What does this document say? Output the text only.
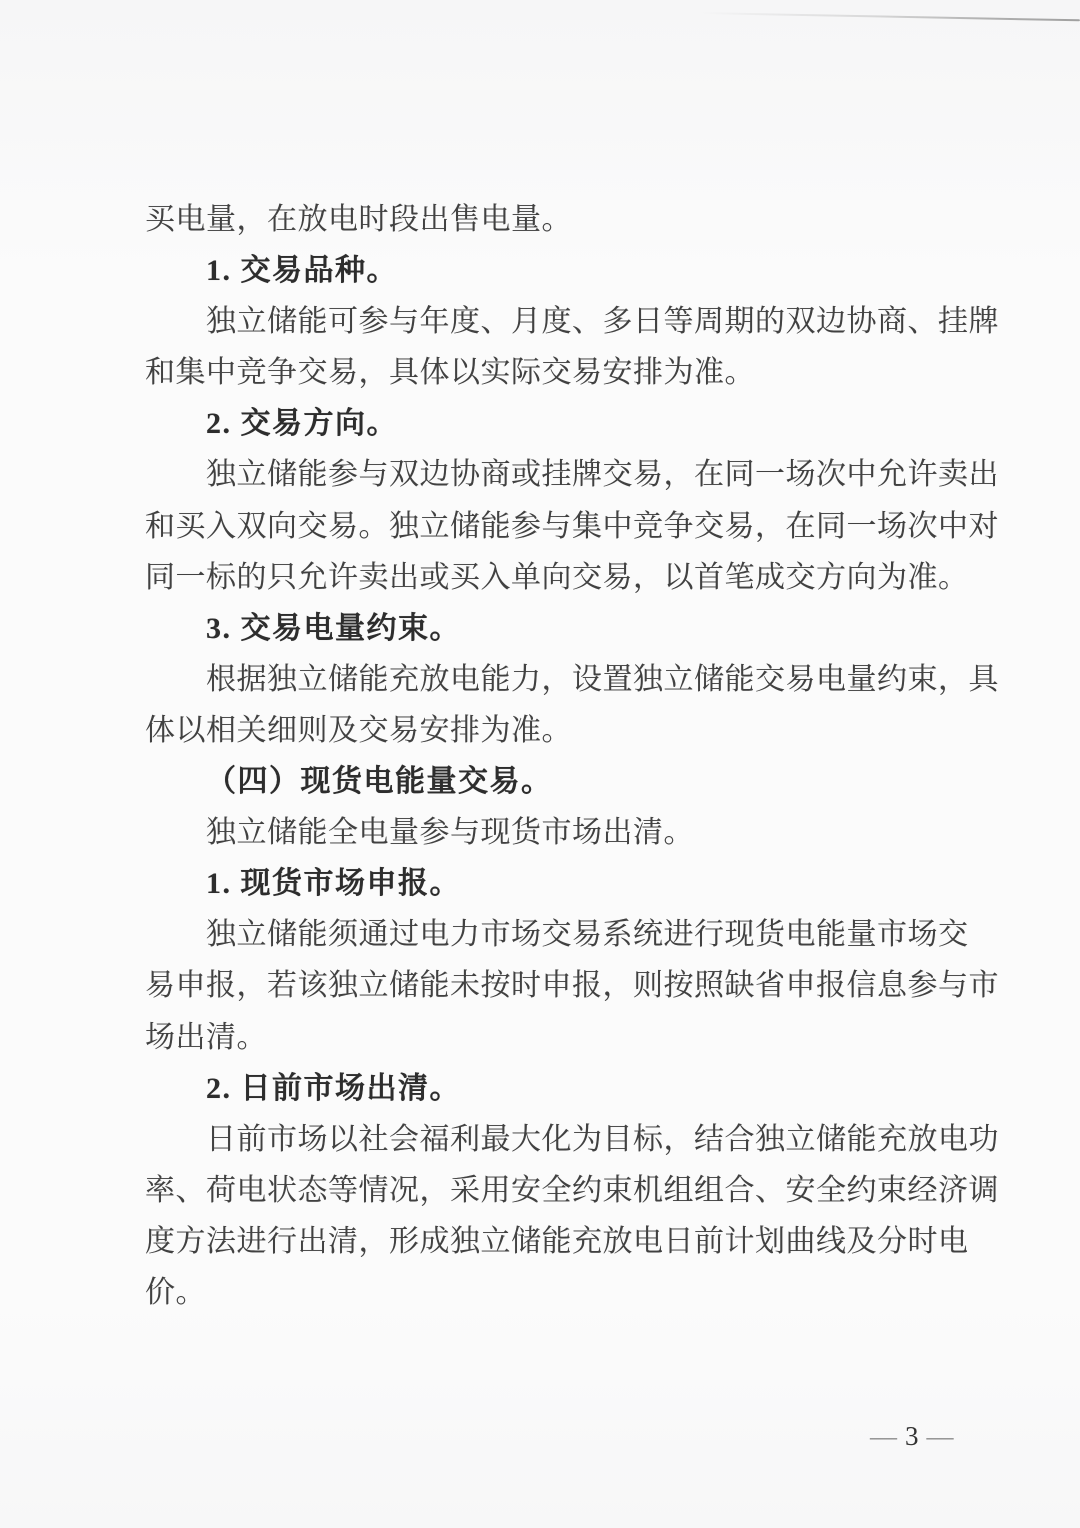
买电量，在放电时段出售电量。
1. 交易品种。
独立储能可参与年度、月度、多日等周期的双边协商、挂牌
和集中竞争交易，具体以实际交易安排为准。
2. 交易方向。
独立储能参与双边协商或挂牌交易，在同一场次中允许卖出
和买入双向交易。独立储能参与集中竞争交易，在同一场次中对
同一标的只允许卖出或买入单向交易，以首笔成交方向为准。
3. 交易电量约束。
根据独立储能充放电能力，设置独立储能交易电量约束，具
体以相关细则及交易安排为准。
（四）现货电能量交易。
独立储能全电量参与现货市场出清。
1. 现货市场申报。
独立储能须通过电力市场交易系统进行现货电能量市场交
易申报，若该独立储能未按时申报，则按照缺省申报信息参与市
场出清。
2. 日前市场出清。
日前市场以社会福利最大化为目标，结合独立储能充放电功
率、荷电状态等情况，采用安全约束机组组合、安全约束经济调
度方法进行出清，形成独立储能充放电日前计划曲线及分时电
价。
— 3 —
